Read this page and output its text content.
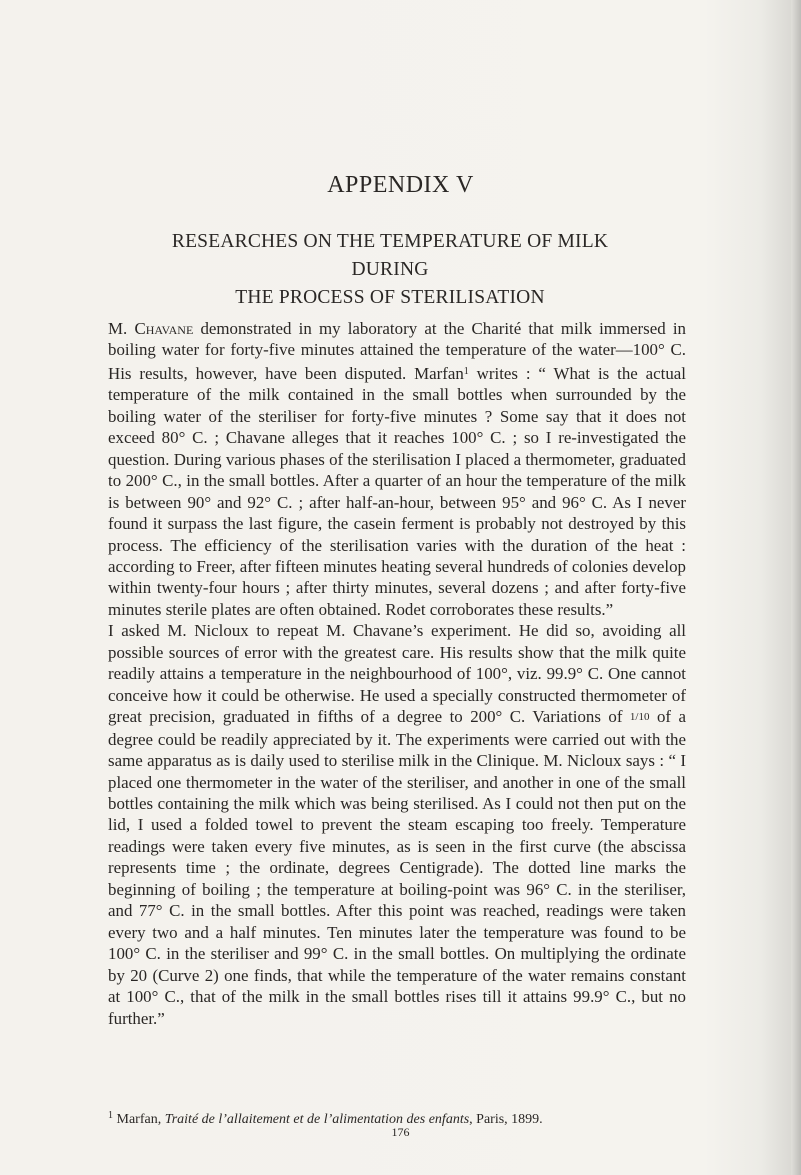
APPENDIX V
RESEARCHES ON THE TEMPERATURE OF MILK DURING
THE PROCESS OF STERILISATION

M. Chavane demonstrated in my laboratory at the Charité that milk immersed in boiling water for forty-five minutes attained the temperature of the water—100° C. His results, however, have been disputed. Marfan$^1$ writes : “ What is the actual temperature of the milk contained in the small bottles when surrounded by the boiling water of the steriliser for forty-five minutes ? Some say that it does not exceed 80° C. ; Chavane alleges that it reaches 100° C. ; so I re-investigated the question. During various phases of the sterilisation I placed a thermometer, graduated to 200° C., in the small bottles. After a quarter of an hour the temperature of the milk is between 90° and 92° C. ; after half-an-hour, between 95° and 96° C. As I never found it surpass the last figure, the casein ferment is probably not destroyed by this process. The efficiency of the sterilisation varies with the duration of the heat : according to Freer, after fifteen minutes heating several hundreds of colonies develop within twenty-four hours ; after thirty minutes, several dozens ; and after forty-five minutes sterile plates are often obtained. Rodet corroborates these results.”

I asked M. Nicloux to repeat M. Chavane’s experiment. He did so, avoiding all possible sources of error with the greatest care. His results show that the milk quite readily attains a temperature in the neighbourhood of 100°, viz. 99.9° C. One cannot conceive how it could be otherwise. He used a specially constructed thermometer of great precision, graduated in fifths of a degree to 200° C. Variations of 1/10 of a degree could be readily appreciated by it. The experiments were carried out with the same apparatus as is daily used to sterilise milk in the Clinique. M. Nicloux says : “ I placed one thermometer in the water of the steriliser, and another in one of the small bottles containing the milk which was being sterilised. As I could not then put on the lid, I used a folded towel to prevent the steam escaping too freely. Temperature readings were taken every five minutes, as is seen in the first curve (the abscissa represents time ; the ordinate, degrees Centigrade). The dotted line marks the beginning of boiling ; the temperature at boiling-point was 96° C. in the steriliser, and 77° C. in the small bottles. After this point was reached, readings were taken every two and a half minutes. Ten minutes later the temperature was found to be 100° C. in the steriliser and 99° C. in the small bottles. On multiplying the ordinate by 20 (Curve 2) one finds, that while the temperature of the water remains constant at 100° C., that of the milk in the small bottles rises till it attains 99.9° C., but no further.”

$^1$ Marfan, Traité de l’allaitement et de l’alimentation des enfants, Paris, 1899.
176
